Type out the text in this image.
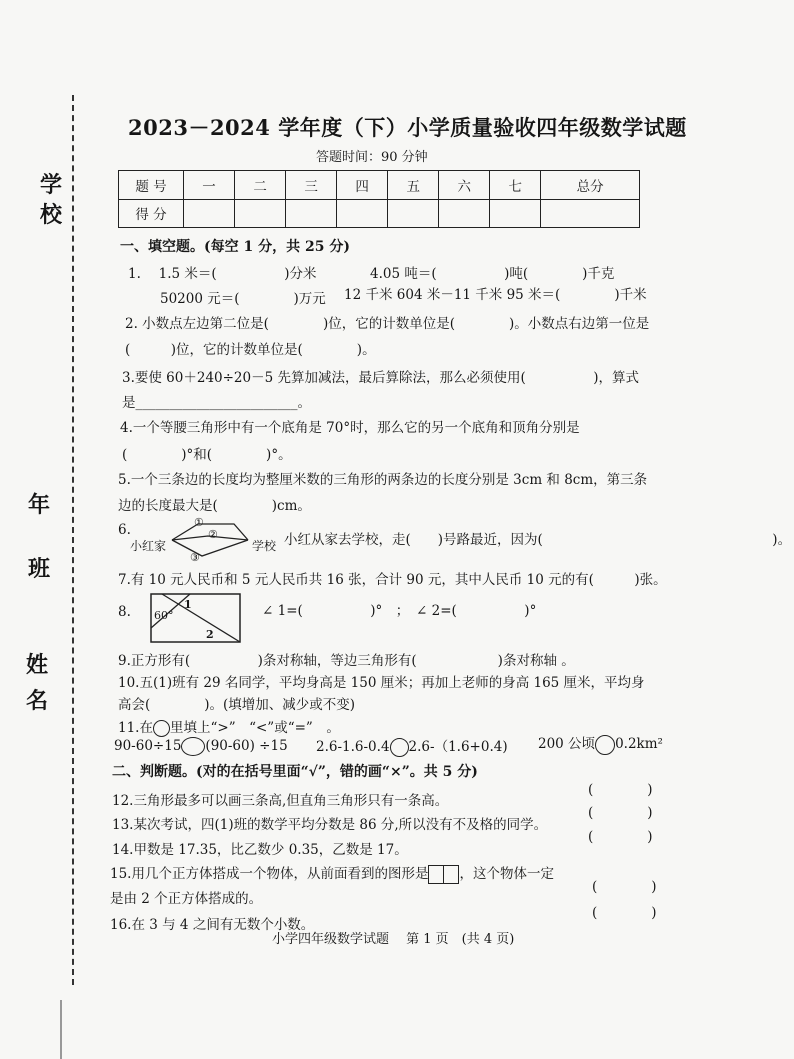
学
校
年
班
姓
名
2023－2024 学年度（下）小学质量验收四年级数学试题
答题时间：90 分钟
题 号	一	二	三	四	五	六	七	总分
得 分								
一、填空题。(每空 1 分，共 25 分)
1.　 1.5 米＝(　　　　　)分米	4.05 吨＝(　　　　　)吨(　　　　)千克
50200 元＝(　　　　)万元 12 千米 604 米－11 千米 95 米＝(　　　　)千米
2. 小数点左边第二位是(　　　　)位，它的计数单位是(　　　　)。小数点右边第一位是
(　　　)位，它的计数单位是(　　　　)。
3.要使 60＋240÷20－5 先算加减法，最后算除法，那么必须使用(　　　　　)，算式
是________________________。
4.一个等腰三角形中有一个底角是 70°时，那么它的另一个底角和顶角分别是
(　　　　)°和(　　　　)°。
5.一个三条边的长度均为整厘米数的三角形的两条边的长度分别是 3cm 和 8cm，第三条
边的长度最大是(　　　　)cm。
6.
小红家
①
②
③
学校 小红从家去学校，走(　　)号路最近，因为(　　　　　　　　　　　　　　　　　)。
7.有 10 元人民币和 5 元人民币共 16 张，合计 90 元，其中人民币 10 元的有(　　　)张。
8. 60°
1
2
∠ 1=(　　　　　)°　；　∠ 2=(　　　　　)°
9.正方形有(　　　　　)条对称轴，等边三角形有(　　　　　　)条对称轴 。
10.五(1)班有 29 名同学，平均身高是 150 厘米；再加上老师的身高 165 厘米，平均身
高会(　　　　)。(填增加、减少或不变)
11.在 里填上“>”　“<”或“=”　。
90-60÷15 (90-60) ÷15 2.6-1.6-0.4 2.6-（1.6+0.4) 200 公顷 0.2km²
二、判断题。(对的在括号里面“√”，错的画“×”。共 5 分)
12.三角形最多可以画三条高,但直角三角形只有一条高。
(　　　　)
13.某次考试，四(1)班的数学平均分数是 86 分,所以没有不及格的同学。
(　　　　)
(　　　　)
14.甲数是 17.35，比乙数少 0.35，乙数是 17。
15.用几个正方体搭成一个物体，从前面看到的图形是 ，这个物体一定
是由 2 个正方体搭成的。
(　　　　)
(　　　　)
16.在 3 与 4 之间有无数个小数。
小学四年级数学试题　 第 1 页　(共 4 页)
